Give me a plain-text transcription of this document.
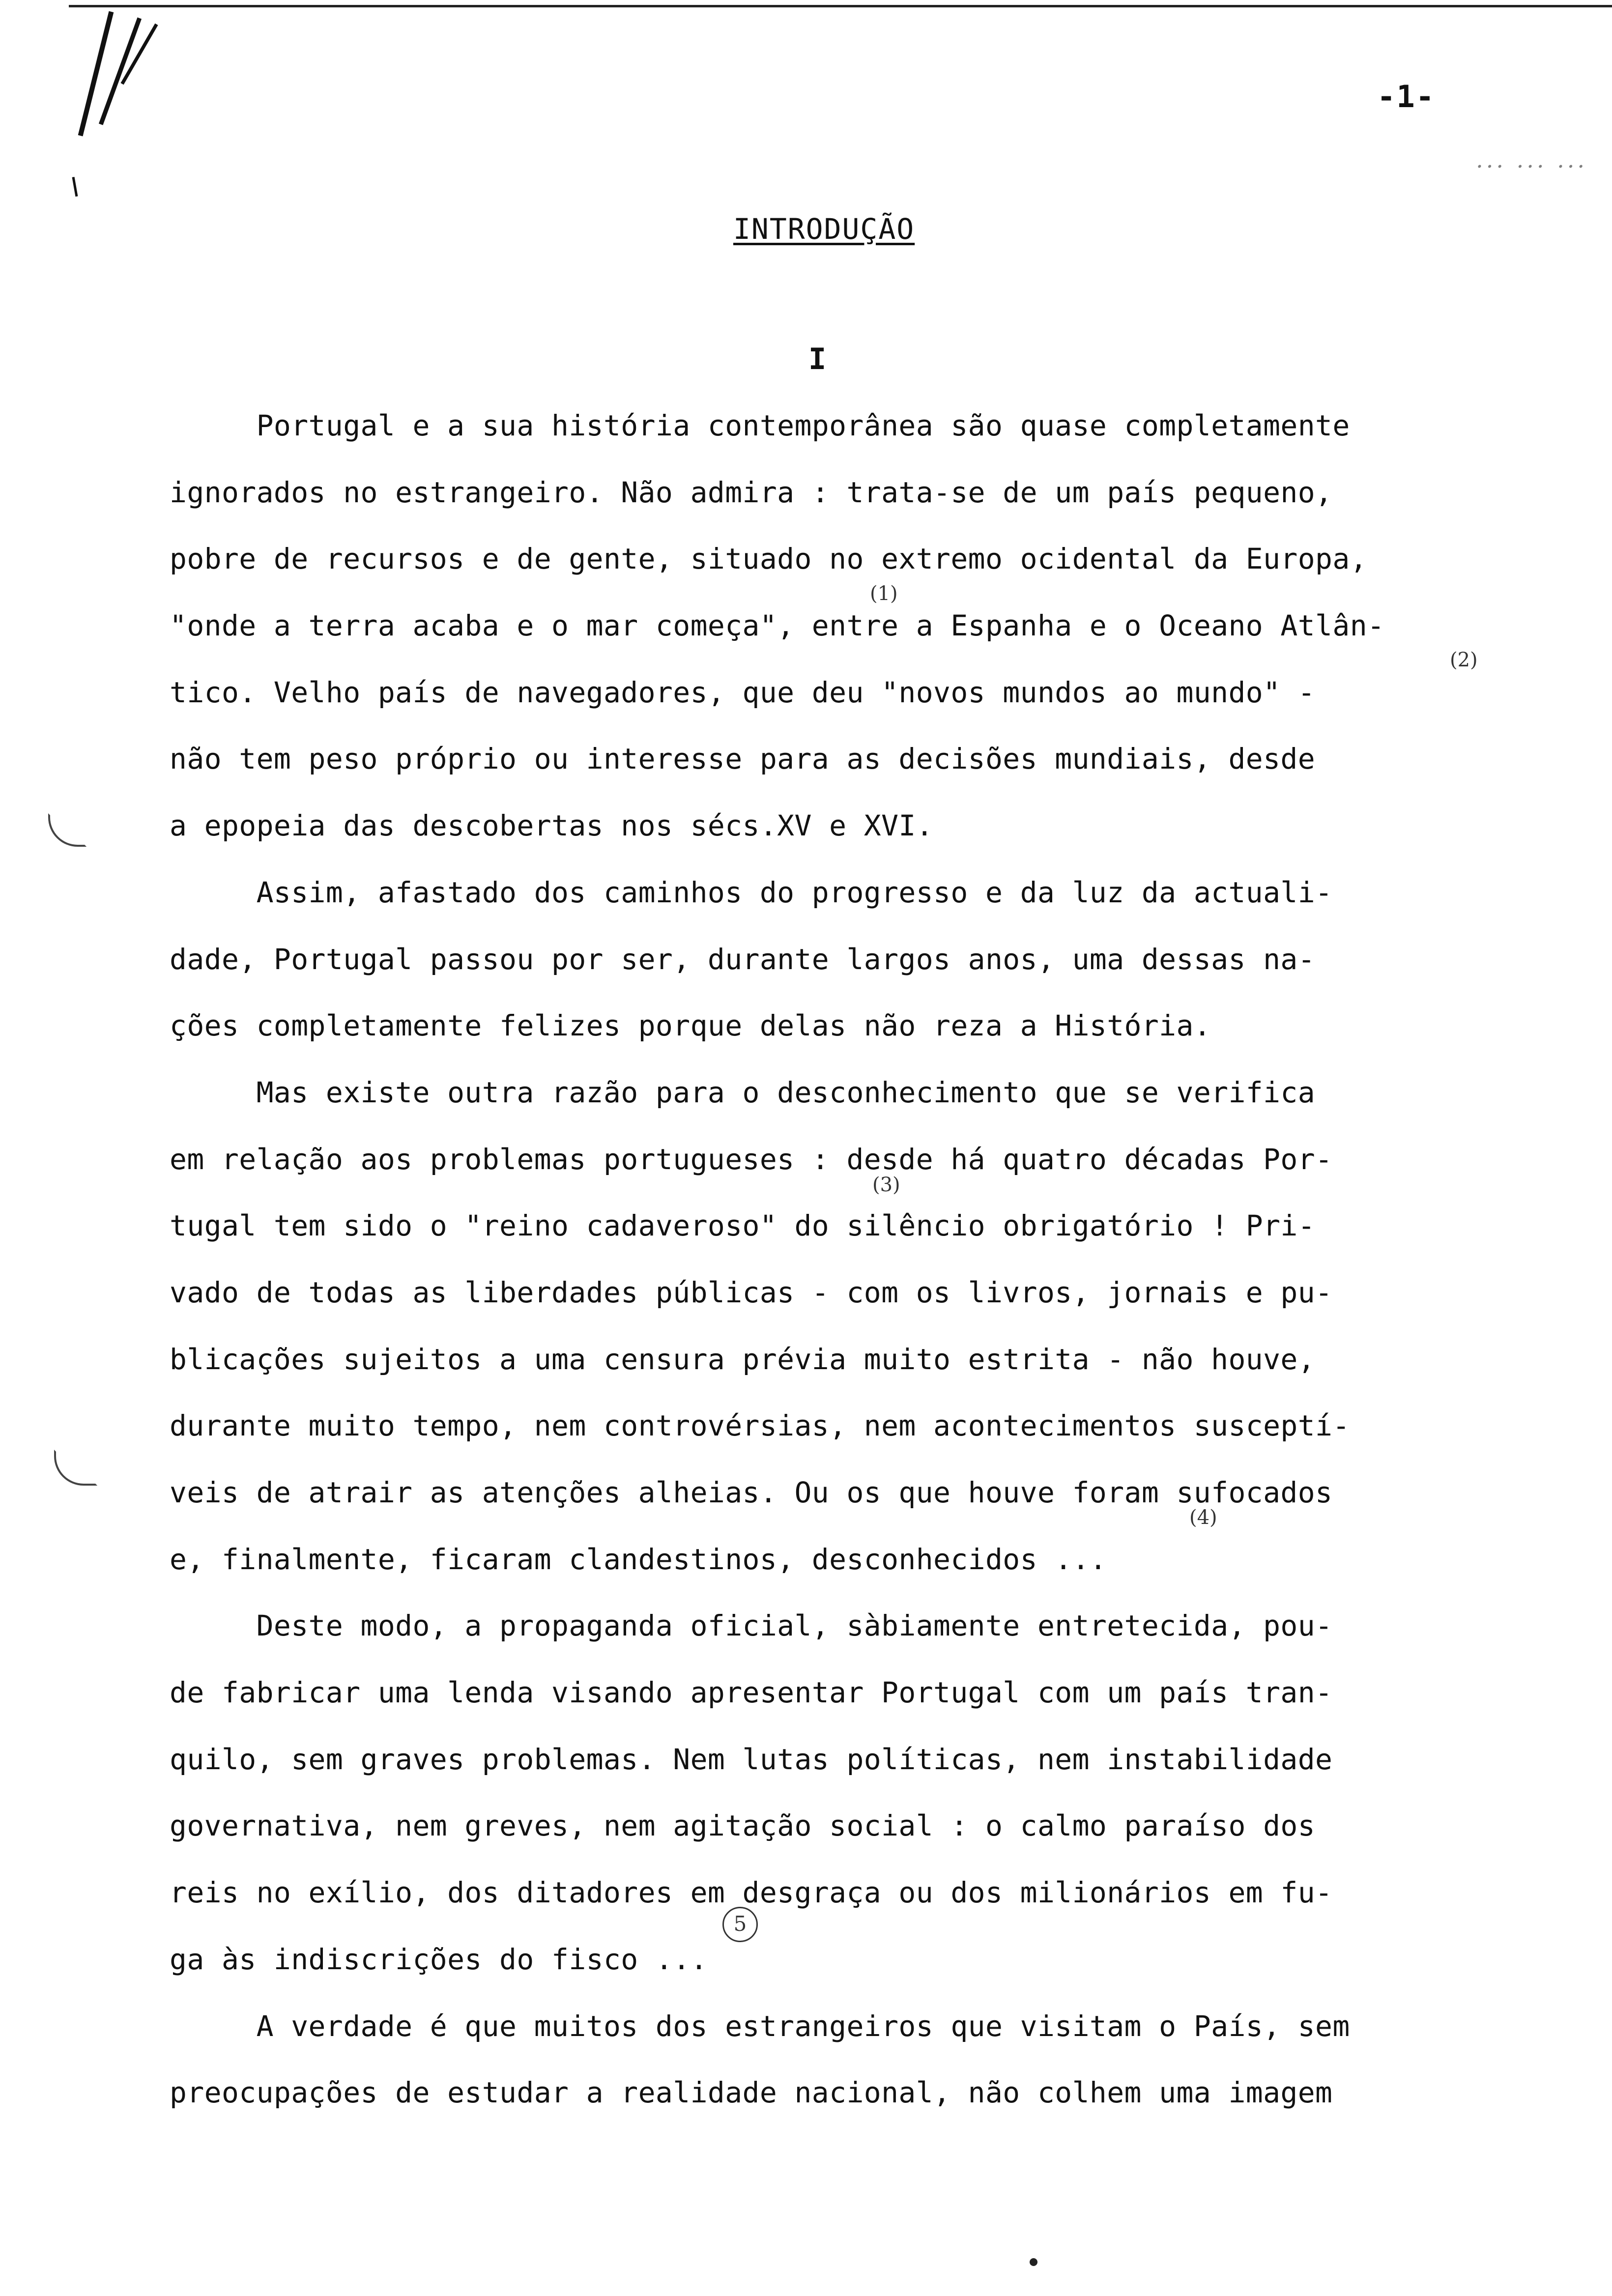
-1-
... ... ...
INTRODUÇÃO
I
Portugal e a sua história contemporânea são quase completamente
ignorados no estrangeiro. Não admira : trata-se de um país pequeno,
pobre de recursos e de gente, situado no extremo ocidental da Europa,
"onde a terra acaba e o mar começa", entre a Espanha e o Oceano Atlân-
tico. Velho país de navegadores, que deu "novos mundos ao mundo" -
não tem peso próprio ou interesse para as decisões mundiais, desde
a epopeia das descobertas nos sécs.XV e XVI.
Assim, afastado dos caminhos do progresso e da luz da actuali-
dade, Portugal passou por ser, durante largos anos, uma dessas na-
ções completamente felizes porque delas não reza a História.
Mas existe outra razão para o desconhecimento que se verifica
em relação aos problemas portugueses : desde há quatro décadas Por-
tugal tem sido o "reino cadaveroso" do silêncio obrigatório ! Pri-
vado de todas as liberdades públicas - com os livros, jornais e pu-
blicações sujeitos a uma censura prévia muito estrita - não houve,
durante muito tempo, nem controvérsias, nem acontecimentos susceptí-
veis de atrair as atenções alheias. Ou os que houve foram sufocados
e, finalmente, ficaram clandestinos, desconhecidos ...
Deste modo, a propaganda oficial, sàbiamente entretecida, pou-
de fabricar uma lenda visando apresentar Portugal com um país tran-
quilo, sem graves problemas. Nem lutas políticas, nem instabilidade
governativa, nem greves, nem agitação social : o calmo paraíso dos
reis no exílio, dos ditadores em desgraça ou dos milionários em fu-
ga às indiscrições do fisco ...
A verdade é que muitos dos estrangeiros que visitam o País, sem
preocupações de estudar a realidade nacional, não colhem uma imagem
(1)
(2)
(3)
(4)
5
